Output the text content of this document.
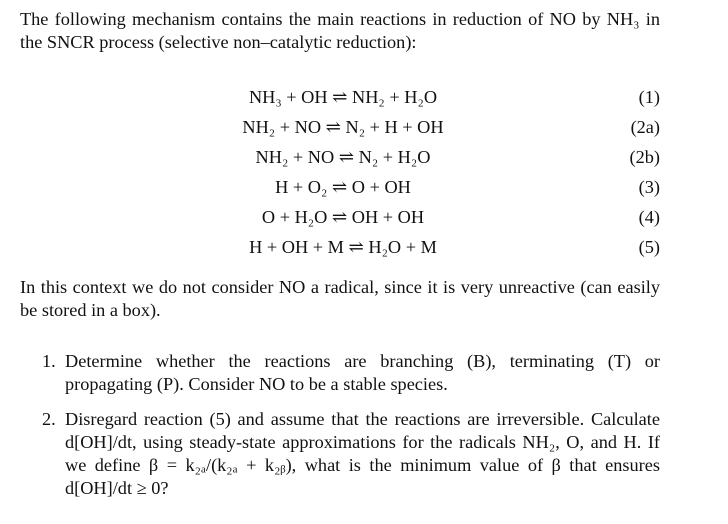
The following mechanism contains the main reactions in reduction of NO by NH₃ in the SNCR process (selective non–catalytic reduction):

NH₃ + OH ⇌ NH₂ + H₂O	(1)
NH₂ + NO ⇌ N₂ + H + OH	(2a)
NH₂ + NO ⇌ N₂ + H₂O	(2b)
H + O₂ ⇌ O + OH	(3)
O + H₂O ⇌ OH + OH	(4)
H + OH + M ⇌ H₂O + M	(5)

In this context we do not consider NO a radical, since it is very unreactive (can easily be stored in a box).

1. Determine whether the reactions are branching (B), terminating (T) or propagating (P). Consider NO to be a stable species.
2. Disregard reaction (5) and assume that the reactions are irreversible. Calculate d[OH]/dt, using steady-state approximations for the radicals NH₂, O, and H. If we define β = k₂ₐ/(k₂ₐ + k₂ᵦ), what is the minimum value of β that ensures d[OH]/dt ≥ 0?
